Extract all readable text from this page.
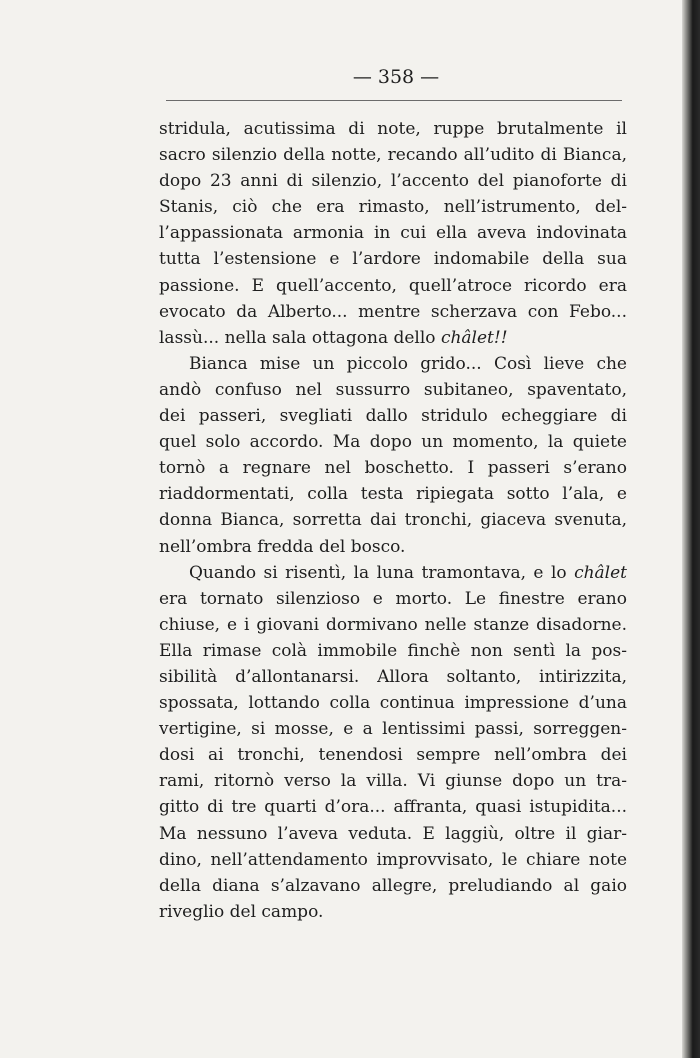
— 358 —
stridula, acutissima di note, ruppe brutalmente il
sacro silenzio della notte, recando all’udito di Bianca,
dopo 23 anni di silenzio, l’accento del pianoforte di
Stanis, ciò che era rimasto, nell’istrumento, del-
l’appassionata armonia in cui ella aveva indovinata
tutta l’estensione e l’ardore indomabile della sua
passione. E quell’accento, quell’atroce ricordo era
evocato da Alberto... mentre scherzava con Febo...
lassù... nella sala ottagona dello châlet!!
Bianca mise un piccolo grido... Così lieve che
andò confuso nel sussurro subitaneo, spaventato,
dei passeri, svegliati dallo stridulo echeggiare di
quel solo accordo. Ma dopo un momento, la quiete
tornò a regnare nel boschetto. I passeri s’erano
riaddormentati, colla testa ripiegata sotto l’ala, e
donna Bianca, sorretta dai tronchi, giaceva svenuta,
nell’ombra fredda del bosco.
Quando si risentì, la luna tramontava, e lo châlet
era tornato silenzioso e morto. Le finestre erano
chiuse, e i giovani dormivano nelle stanze disadorne.
Ella rimase colà immobile finchè non sentì la pos-
sibilità d’allontanarsi. Allora soltanto, intirizzita,
spossata, lottando colla continua impressione d’una
vertigine, si mosse, e a lentissimi passi, sorreggen-
dosi ai tronchi, tenendosi sempre nell’ombra dei
rami, ritornò verso la villa. Vi giunse dopo un tra-
gitto di tre quarti d’ora... affranta, quasi istupidita...
Ma nessuno l’aveva veduta. E laggiù, oltre il giar-
dino, nell’attendamento improvvisato, le chiare note
della diana s’alzavano allegre, preludiando al gaio
riveglio del campo.
